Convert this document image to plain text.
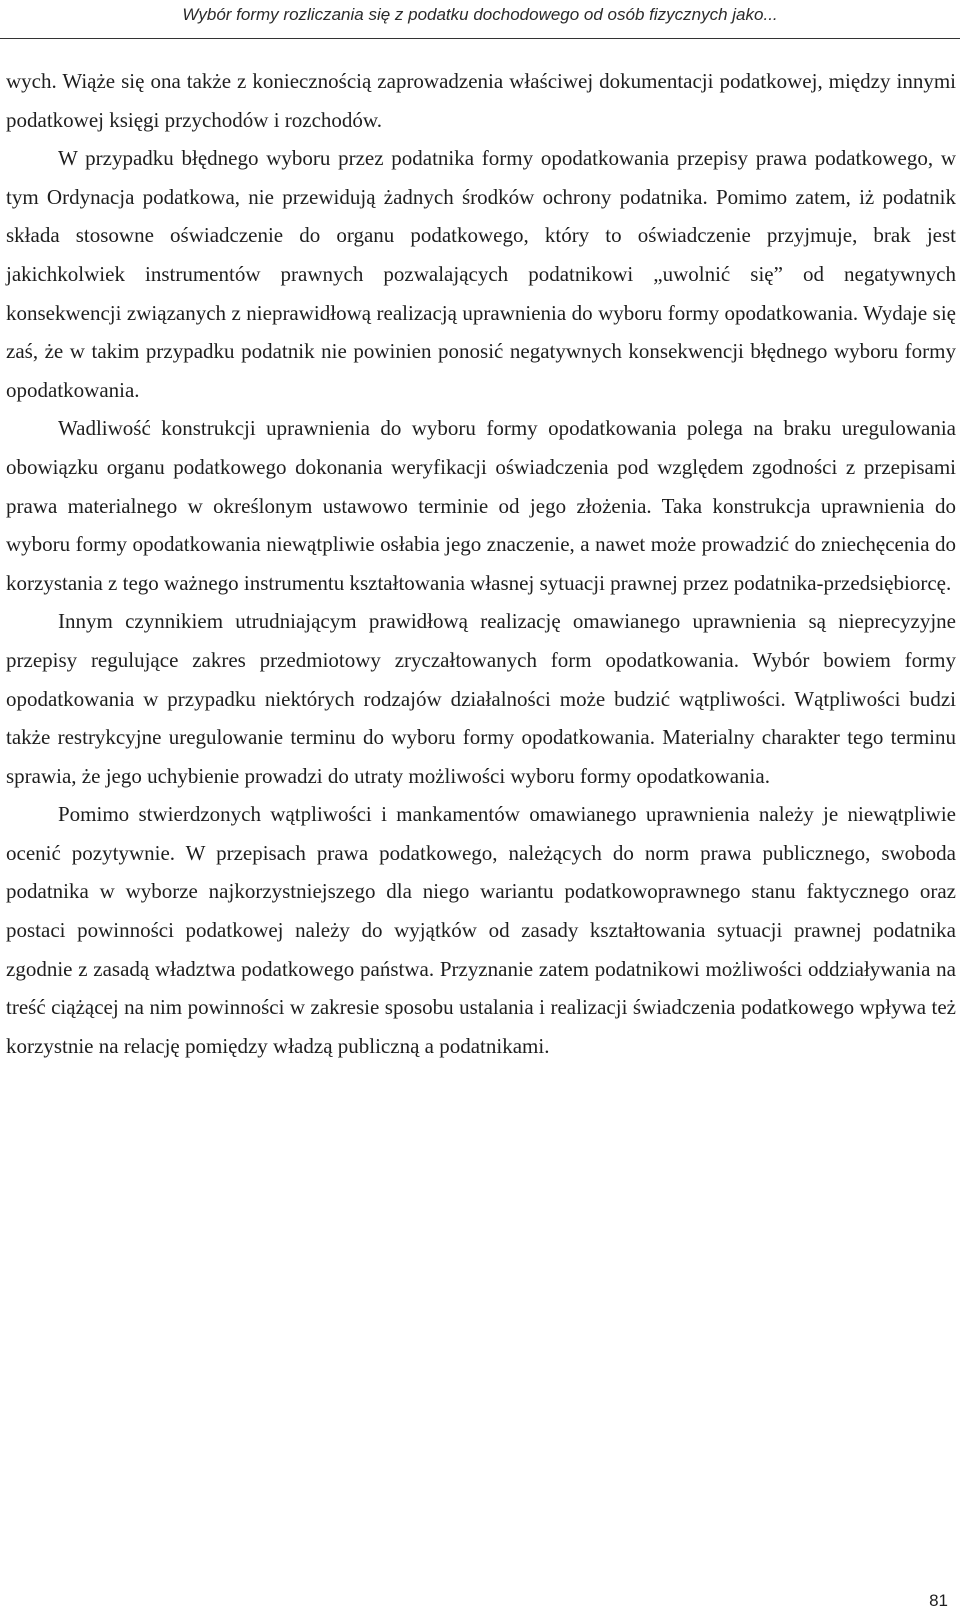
Wybór formy rozliczania się z podatku dochodowego od osób fizycznych jako...

wych. Wiąże się ona także z koniecznością zaprowadzenia właściwej dokumentacji podatkowej, między innymi podatkowej księgi przychodów i rozchodów.

W przypadku błędnego wyboru przez podatnika formy opodatkowania przepisy prawa podatkowego, w tym Ordynacja podatkowa, nie przewidują żadnych środków ochrony podatnika. Pomimo zatem, iż podatnik składa stosowne oświadczenie do organu podatkowego, który to oświadczenie przyjmuje, brak jest jakichkolwiek instrumentów prawnych pozwalających podatnikowi „uwolnić się” od negatywnych konsekwencji związanych z nieprawidłową realizacją uprawnienia do wyboru formy opodatkowania. Wydaje się zaś, że w takim przypadku podatnik nie powinien ponosić negatywnych konsekwencji błędnego wyboru formy opodatkowania.

Wadliwość konstrukcji uprawnienia do wyboru formy opodatkowania polega na braku uregulowania obowiązku organu podatkowego dokonania weryfikacji oświadczenia pod względem zgodności z przepisami prawa materialnego w określonym ustawowo terminie od jego złożenia. Taka konstrukcja uprawnienia do wyboru formy opodatkowania niewątpliwie osłabia jego znaczenie, a nawet może prowadzić do zniechęcenia do korzystania z tego ważnego instrumentu kształtowania własnej sytuacji prawnej przez podatnika-przedsiębiorcę.

Innym czynnikiem utrudniającym prawidłową realizację omawianego uprawnienia są nieprecyzyjne przepisy regulujące zakres przedmiotowy zryczałtowanych form opodatkowania. Wybór bowiem formy opodatkowania w przypadku niektórych rodzajów działalności może budzić wątpliwości. Wątpliwości budzi także restrykcyjne uregulowanie terminu do wyboru formy opodatkowania. Materialny charakter tego terminu sprawia, że jego uchybienie prowadzi do utraty możliwości wyboru formy opodatkowania.

Pomimo stwierdzonych wątpliwości i mankamentów omawianego uprawnienia należy je niewątpliwie ocenić pozytywnie. W przepisach prawa podatkowego, należących do norm prawa publicznego, swoboda podatnika w wyborze najkorzystniejszego dla niego wariantu podatkowoprawnego stanu faktycznego oraz postaci powinności podatkowej należy do wyjątków od zasady kształtowania sytuacji prawnej podatnika zgodnie z zasadą władztwa podatkowego państwa. Przyznanie zatem podatnikowi możliwości oddziaływania na treść ciążącej na nim powinności w zakresie sposobu ustalania i realizacji świadczenia podatkowego wpływa też korzystnie na relację pomiędzy władzą publiczną a podatnikami.

81
